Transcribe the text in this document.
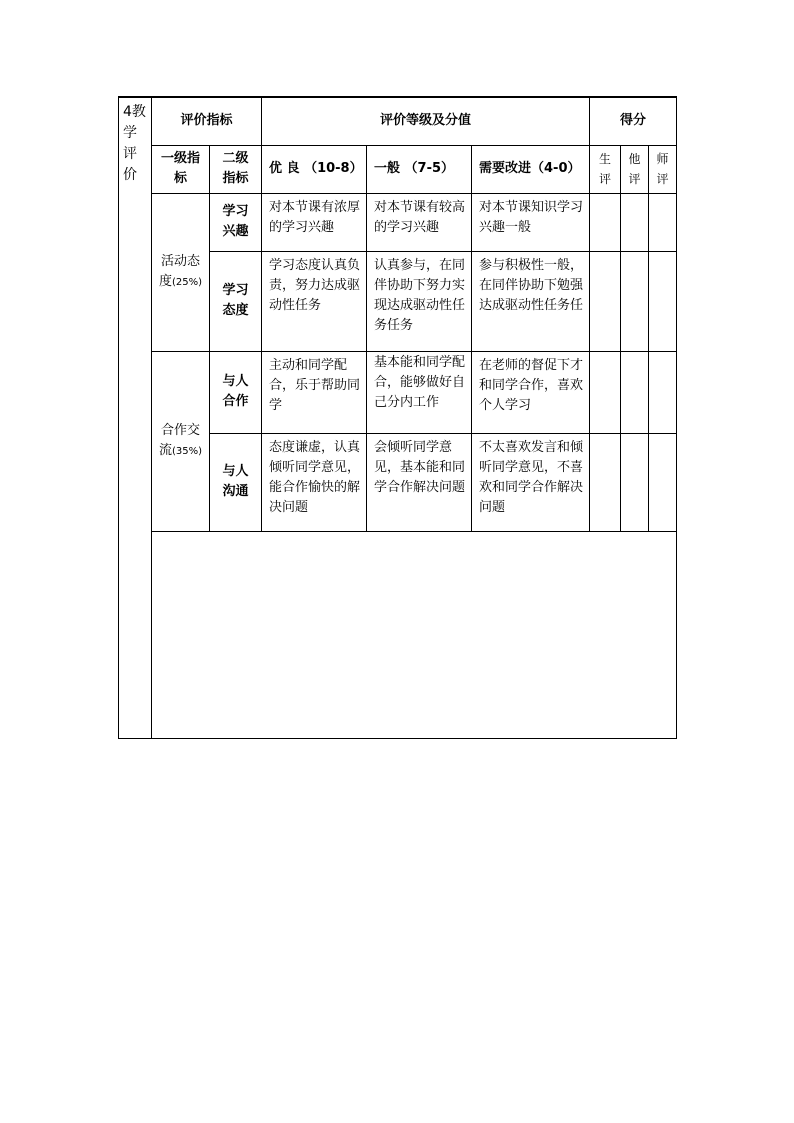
4教学评价	评价指标		评价等级及分值			得分		
	一级指标	二级指标	优 良 （10-8）	一般 （7-5）	需要改进（4-0）	生评	他评	师评
	活动态度(25%)	学习兴趣	对本节课有浓厚的学习兴趣	对本节课有较高的学习兴趣	对本节课知识学习兴趣一般			
		学习态度	学习态度认真负责，努力达成驱动性任务	认真参与，在同伴协助下努力实现达成驱动性任务任务	参与积极性一般，在同伴协助下勉强达成驱动性任务任			
	合作交流(35%)	与人合作	主动和同学配合，乐于帮助同学	基本能和同学配合，能够做好自己分内工作	在老师的督促下才和同学合作，喜欢个人学习			
		与人沟通	态度谦虚，认真倾听同学意见，能合作愉快的解决问题	会倾听同学意见，基本能和同学合作解决问题	不太喜欢发言和倾听同学意见，不喜欢和同学合作解决问题			
